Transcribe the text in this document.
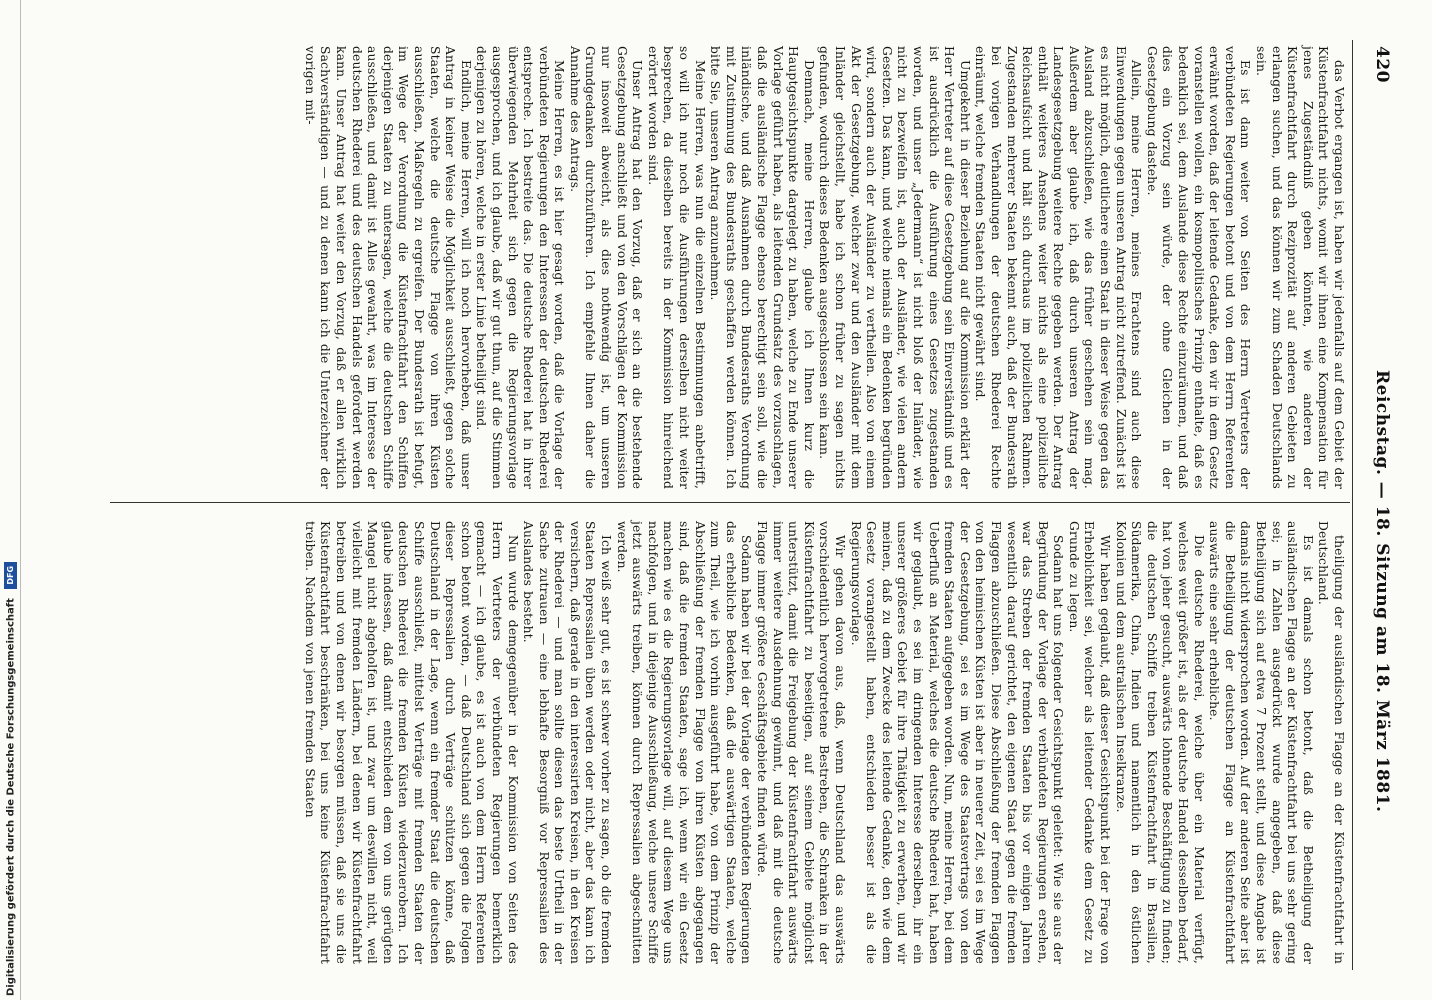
Digitalisierung gefördert durch die Deutsche Forschungsgemeinschaft DFG
420
Reichstag. — 18. Sitzung am 18. März 1881.

theiligung der ausländischen Flagge an der Küstenfrachtfahrt in Deutschland.

Es ist damals schon betont, daß die Betheiligung der ausländischen Flagge an der Küstenfrachtfahrt bei uns sehr gering sei; in Zahlen ausgedrückt wurde angegeben, daß diese Betheiligung sich auf etwa 7 Prozent stellt, und diese Angabe ist damals nicht widersprochen worden. Auf der anderen Seite aber ist die Betheiligung der deutschen Flagge an Küstenfrachtfahrt auswärts eine sehr erhebliche.

Die deutsche Rhederei, welche über ein Material verfügt, welches weit größer ist, als der deutsche Handel desselben bedarf, hat von jeher gesucht, auswärts lohnende Beschäftigung zu finden; die deutschen Schiffe treiben Küstenfrachtfahrt in Brasilien, Südamerika, China, Indien und namentlich in den östlichen Kolonien und dem australischen Inselkranze.

Wir haben geglaubt, daß dieser Gesichtspunkt bei der Frage von Erheblichkeit sei, welcher als leitender Gedanke dem Gesetz zu Grunde zu legen.

Sodann hat uns folgender Gesichtspunkt geleitet: Wie sie aus der Begründung der Vorlage der verbündeten Regierungen ersehen, war das Streben der fremden Staaten bis vor einigen Jahren wesentlich darauf gerichtet, den eigenen Staat gegen die fremden Flaggen abzuschließen. Diese Abschließung der fremden Flaggen von den heimischen Küsten ist aber in neuerer Zeit, sei es im Wege der Gesetzgebung, sei es im Wege des Staatsvertrags von den fremden Staaten aufgegeben worden. Nun, meine Herren, bei dem Ueberfluß an Material, welches die deutsche Rhederei hat, haben wir geglaubt, es sei im dringenden Interesse derselben, ihr ein unserer größeres Gebiet für ihre Thätigkeit zu erwerben, und wir meinen, daß zu dem Zwecke des leitende Gedanke, den wie dem Gesetz vorangestellt haben, entschieden besser ist als die Regierungsvorlage.

Wir gehen davon aus, daß, wenn Deutschland das auswärts vorschiedentlich hervorgetretene Bestreben, die Schranken in der Küstenfrachtfahrt zu beseitigen, auf seinem Gebiete möglichst unterstützt, damit die Freigebung der Küstenfrachtfahrt auswärts immer weitere Ausdehnung gewinnt, und daß mit die deutsche Flagge immer größere Geschäftsgebiete finden würde.

Sodann haben wir bei der Vorlage der verbündeten Regierungen das erhebliche Bedenken, daß die auswärtigen Staaten, welche zum Theil, wie ich vorhin ausgeführt habe, von dem Prinzip der Abschließung der fremden Flagge von ihren Küsten abgegangen sind, daß die fremden Staaten, sage ich, wenn wir ein Gesetz machen wie es die Regierungsvorlage will, auf diesem Wege uns nachfolgen, und in diejenige Ausschließung, welche unsere Schiffe jetzt auswärts treiben, können durch Repressalien abgeschnitten werden.

Ich weiß sehr gut, es ist schwer vorher zu sagen, ob die fremden Staaten Repressalien üben werden oder nicht, aber das kann ich versichern, daß gerade in den interessirten Kreisen, in den Kreisen der Rhederei — und man sollte diesen das beste Urtheil in der Sache zutrauen — eine lebhafte Besorgniß vor Repressalien des Auslandes besteht.

Nun wurde demgegenüber in der Kommission von Seiten des Herrn Vertreters der verbündeten Regierungen bemerklich gemacht — ich glaube, es ist auch von dem Herrn Referenten schon betont worden, — daß Deutschland sich gegen die Folgen dieser Repressalien durch Verträge schützen könne, daß Deutschland in der Lage, wenn ein fremder Staat die deutschen Schiffe ausschließt, mittelst Verträge mit fremden Staaten der deutschen Rhederei die fremden Küsten wiederzuerobern. Ich glaube indessen, daß damit entschieden dem von uns gerügten Mangel nicht abgeholfen ist, und zwar um deswillen nicht, weil vielleicht mit fremden Ländern, bei denen wir Küstenfrachtfahrt betreiben und von denen wir besorgen müssen, daß sie uns die Küstenfrachtfahrt beschränken, bei uns keine Küstenfrachtfahrt treiben. Nachdem von jenen fremden Staaten

das Verbot ergangen ist, haben wir jedenfalls auf dem Gebiet der Küstenfrachtfahrt nichts, womit wir ihnen eine Kompensation für jenes Zugeständniß geben könnten, wie anderen der Küstenfrachtfahrt durch Reziprozität auf anderen Gebieten zu erlangen suchen, und das können wir zum Schaden Deutschlands sein.

Es ist dann weiter von Seiten des Herrn Vertreters der verbündeten Regierungen betont und von dem Herrn Referenten erwähnt worden, daß der leitende Gedanke, den wir in dem Gesetz voranstellen wollen, ein kosmopolitisches Prinzip enthalte, daß es bedenklich sei, dem Auslande diese Rechte einzuräumen, und daß dies ein Vorzug sein würde, der ohne Gleichen in der Gesetzgebung dastehe.

Allein, meine Herren, meines Erachtens sind auch diese Einwendungen gegen unseren Antrag nicht zutreffend. Zunächst ist es nicht möglich, deutlichere einen Staat in dieser Weise gegen das Ausland abzuschließen, wie das früher geschehen sein mag. Außerdem aber glaube ich, daß durch unseren Antrag der Landesgesetzgebung weitere Rechte gegeben werden. Der Antrag enthält weiteres Ansehens weiter nichts als eine polizeiliche Reichsaufsicht und hält sich durchaus im polizeilichen Rahmen. Zugestanden mehrerer Staaten bekennt auch, daß der Bundesrath bei vorigen Verhandlungen der deutschen Rhederei Rechte einräumt, welche fremden Staaten nicht gewährt sind.

Umgekehrt in dieser Beziehung auf die Kommission erklärt der Herr Vertreter auf diese Gesetzgebung sein Einverständniß und es ist ausdrücklich die Ausführung eines Gesetzes zugestanden worden, und unser „Jedermann“ ist nicht bloß der Inländer, wie nicht zu bezweifeln ist, auch der Ausländer, wie vielen andern Gesetzen. Das kann, und welche niemals ein Bedenken begründen wird, sondern auch der Ausländer zu vertheilen. Also von einem Akt der Gesetzgebung, welcher zwar und den Ausländer mit dem Inländer gleichstellt, habe ich schon früher zu sagen nichts gefunden, wodurch dieses Bedenken ausgeschlossen sein kann.

Demnach, meine Herren, glaube ich Ihnen kurz die Hauptgesichtspunkte dargelegt zu haben, welche zu Ende unserer Vorlage geführt haben, als leitenden Grundsatz des vorzuschlagen, daß die ausländische Flagge ebenso berechtigt sein soll, wie die inländische, und daß Ausnahmen durch Bundesraths Verordnung mit Zustimmung des Bundesraths geschaffen werden können. Ich bitte Sie, unseren Antrag anzunehmen.

Meine Herren, was nun die einzelnen Bestimmungen anbetrifft, so will ich nur noch die Ausführungen derselben nicht weiter besprechen, da dieselben bereits in der Kommission hinreichend erörtert worden sind.

Unser Antrag hat den Vorzug, daß er sich an die bestehende Gesetzgebung anschließt und von den Vorschlägen der Kommission nur insoweit abweicht, als dies nothwendig ist, um unseren Grundgedanken durchzuführen. Ich empfehle Ihnen daher die Annahme des Antrags.

Meine Herren, es ist hier gesagt worden, daß die Vorlage der verbündeten Regierungen den Interessen der deutschen Rhederei entspreche. Ich bestreite das. Die deutsche Rhederei hat in ihrer überwiegenden Mehrheit sich gegen die Regierungsvorlage ausgesprochen, und ich glaube, daß wir gut thun, auf die Stimmen derjenigen zu hören, welche in erster Linie betheiligt sind.

Endlich, meine Herren, will ich noch hervorheben, daß unser Antrag in keiner Weise die Möglichkeit ausschließt, gegen solche Staaten, welche die deutsche Flagge von ihren Küsten ausschließen, Maßregeln zu ergreifen. Der Bundesrath ist befugt, im Wege der Verordnung die Küstenfrachtfahrt den Schiffen derjenigen Staaten zu untersagen, welche die deutschen Schiffe ausschließen, und damit ist Alles gewahrt, was im Interesse der deutschen Rhederei und des deutschen Handels gefordert werden kann. Unser Antrag hat weiter den Vorzug, daß er allen wirklich Sachverständigen — und zu denen kann ich die Unterzeichner der vorigen mit-
